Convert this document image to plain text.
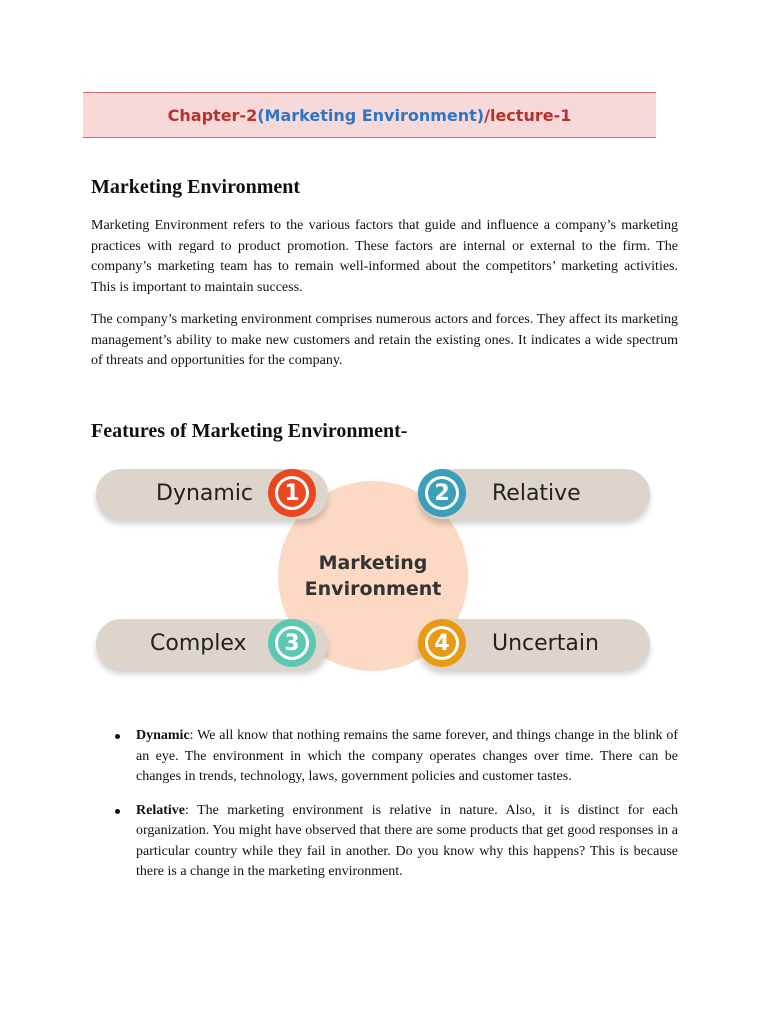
Chapter-2 (Marketing Environment) /lecture-1
Marketing Environment

Marketing Environment refers to the various factors that guide and influence a company’s marketing practices with regard to product promotion. These factors are internal or external to the firm. The company’s marketing team has to remain well-informed about the competitors’ marketing activities. This is important to maintain success.

The company’s marketing environment comprises numerous actors and forces. They affect its marketing management’s ability to make new customers and retain the existing ones. It indicates a wide spectrum of threats and opportunities for the company.

Features of Marketing Environment-
Marketing
Environment
Dynamic	1	2	Relative
Complex	3	4	Uncertain
Dynamic: We all know that nothing remains the same forever, and things change in the blink of an eye. The environment in which the company operates changes over time. There can be changes in trends, technology, laws, government policies and customer tastes.
Relative: The marketing environment is relative in nature. Also, it is distinct for each organization. You might have observed that there are some products that get good responses in a particular country while they fail in another. Do you know why this happens? This is because there is a change in the marketing environment.
